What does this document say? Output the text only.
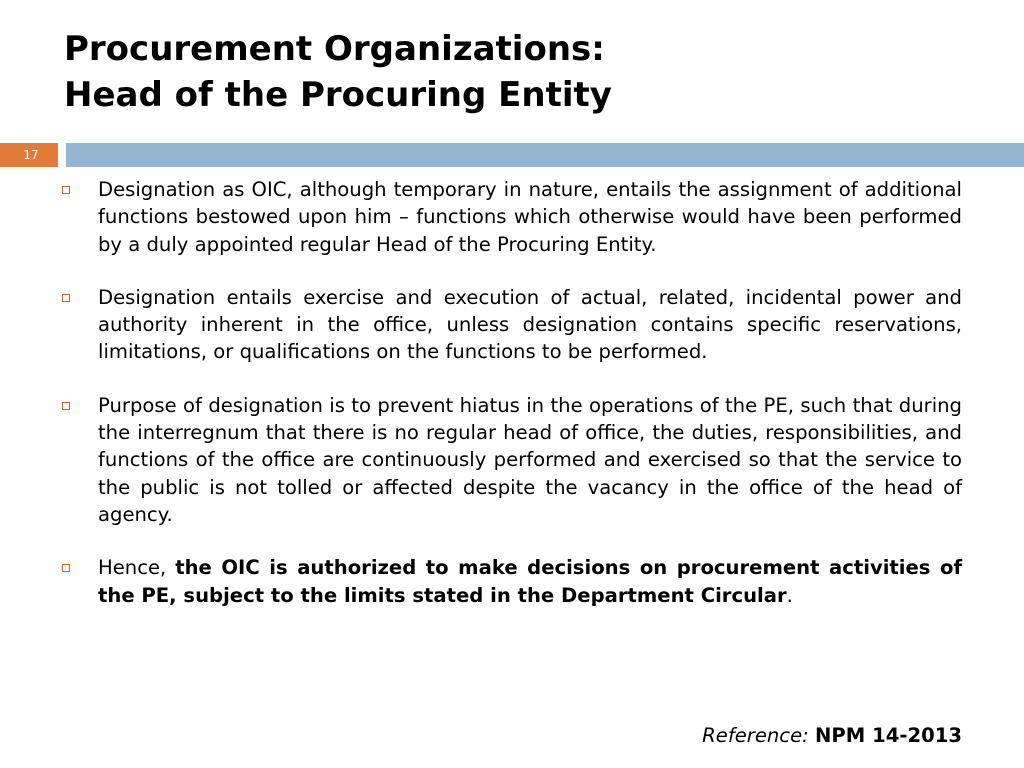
Procurement Organizations:
Head of the Procuring Entity
17
Designation as OIC, although temporary in nature, entails the assignment of additional functions bestowed upon him – functions which otherwise would have been performed by a duly appointed regular Head of the Procuring Entity.
Designation entails exercise and execution of actual, related, incidental power and authority inherent in the office, unless designation contains specific reservations, limitations, or qualifications on the functions to be performed.
Purpose of designation is to prevent hiatus in the operations of the PE, such that during the interregnum that there is no regular head of office, the duties, responsibilities, and functions of the office are continuously performed and exercised so that the service to the public is not tolled or affected despite the vacancy in the office of the head of agency.
Hence, the OIC is authorized to make decisions on procurement activities of the PE, subject to the limits stated in the Department Circular.
Reference: NPM 14-2013
